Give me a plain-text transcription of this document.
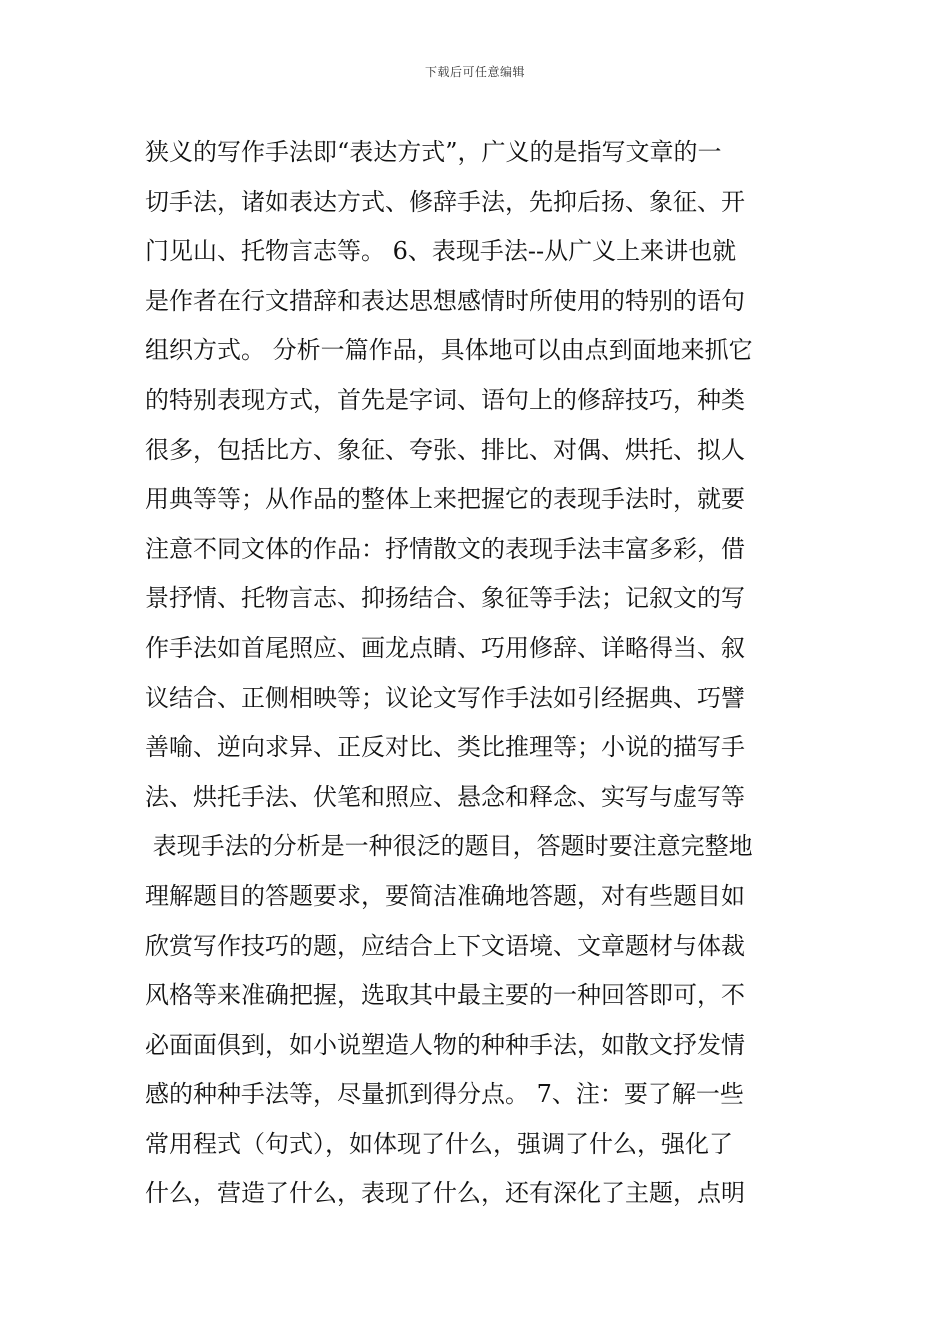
下载后可任意编辑
狭义的写作手法即“表达方式”，广义的是指写文章的一
切手法，诸如表达方式、修辞手法，先抑后扬、象征、开
门见山、托物言志等。 6、表现手法--从广义上来讲也就
是作者在行文措辞和表达思想感情时所使用的特别的语句
组织方式。 分析一篇作品，具体地可以由点到面地来抓它
的特别表现方式，首先是字词、语句上的修辞技巧，种类
很多，包括比方、象征、夸张、排比、对偶、烘托、拟人
用典等等；从作品的整体上来把握它的表现手法时，就要
注意不同文体的作品：抒情散文的表现手法丰富多彩，借
景抒情、托物言志、抑扬结合、象征等手法；记叙文的写
作手法如首尾照应、画龙点睛、巧用修辞、详略得当、叙
议结合、正侧相映等；议论文写作手法如引经据典、巧譬
善喻、逆向求异、正反对比、类比推理等；小说的描写手
法、烘托手法、伏笔和照应、悬念和释念、实写与虚写等
表现手法的分析是一种很泛的题目，答题时要注意完整地
理解题目的答题要求，要简洁准确地答题，对有些题目如
欣赏写作技巧的题，应结合上下文语境、文章题材与体裁
风格等来准确把握，选取其中最主要的一种回答即可，不
必面面俱到，如小说塑造人物的种种手法，如散文抒发情
感的种种手法等，尽量抓到得分点。 7、注：要了解一些
常用程式（句式），如体现了什么，强调了什么，强化了
什么，营造了什么，表现了什么，还有深化了主题，点明
